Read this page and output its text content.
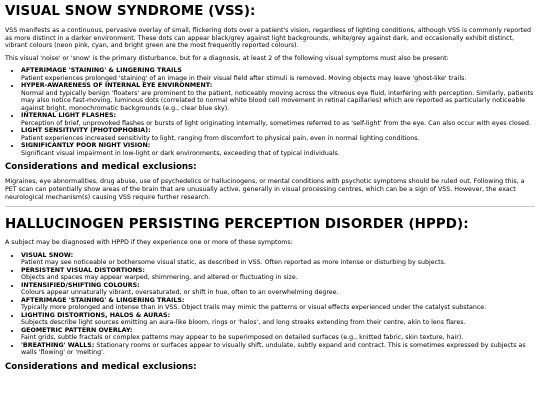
VISUAL SNOW SYNDROME (VSS):

VSS manifests as a continuous, pervasive overlay of small, flickering dots over a patient's vision, regardless of lighting conditions, although VSS is commonly reported as more distinct in a darker environment. These dots can appear black/grey against light backgrounds, white/grey against dark, and occasionally exhibit distinct, vibrant colours (neon pink, cyan, and bright green are the most frequently reported colours).

This visual 'noise' or 'snow' is the primary disturbance, but for a diagnosis, at least 2 of the following visual symptoms must also be present:

• AFTERIMAGE 'STAINING' & LINGERING TRAILS
Patient experiences prolonged 'staining' of an image in their visual field after stimuli is removed. Moving objects may leave 'ghost-like' trails.
• HYPER-AWARENESS OF INTERNAL EYE ENVIRONMENT:
Normal and typically benign 'floaters' are prominent to the patient, noticeably moving across the vitreous eye fluid, interfering with perception. Similarly, patients may also notice fast-moving, luminous dots (correlated to normal white blood cell movement in retinal capillaries) which are reported as particularly noticeable against bright, monochromatic backgrounds (e.g., clear blue sky).
• INTERNAL LIGHT FLASHES:
Perception of brief, unprovoked flashes or bursts of light originating internally, sometimes referred to as 'self-light' from the eye. Can also occur with eyes closed.
• LIGHT SENSITIVITY (PHOTOPHOBIA):
Patient experiences increased sensitivity to light, ranging from discomfort to physical pain, even in normal lighting conditions.
• SIGNIFICANTLY POOR NIGHT VISION:
Significant visual impairment in low-light or dark environments, exceeding that of typical individuals.
Considerations and medical exclusions:

Migraines, eye abnormalities, drug abuse, use of psychedelics or hallucinogens, or mental conditions with psychotic symptoms should be ruled out. Following this, a PET scan can potentially show areas of the brain that are unusually active, generally in visual processing centres, which can be a sign of VSS. However, the exact neurological mechanism(s) causing VSS require further research.

HALLUCINOGEN PERSISTING PERCEPTION DISORDER (HPPD):

A subject may be diagnosed with HPPD if they experience one or more of these symptoms:

• VISUAL SNOW:
Patient may see noticeable or bothersome visual static, as described in VSS. Often reported as more intense or disturbing by subjects.
• PERSISTENT VISUAL DISTORTIONS:
Objects and spaces may appear warped, shimmering, and altered or fluctuating in size.
• INTENSIFIED/SHIFTING COLOURS:
Colours appear unnaturally vibrant, oversaturated, or shift in hue, often to an overwhelming degree.
• AFTERIMAGE 'STAINING' & LINGERING TRAILS:
Typically more prolonged and intense than in VSS. Object trails may mimic the patterns or visual effects experienced under the catalyst substance.
• LIGHTING DISTORTIONS, HALOS & AURAS:
Subjects describe light sources emitting an aura-like bloom, rings or 'halos', and long streaks extending from their centre, akin to lens flares.
• GEOMETRIC PATTERN OVERLAY:
Faint grids, subtle fractals or complex patterns may appear to be superimposed on detailed surfaces (e.g., knitted fabric, skin texture, hair).
• 'BREATHING' WALLS: Stationary rooms or surfaces appear to visually shift, undulate, subtly expand and contract. This is sometimes expressed by subjects as walls 'flowing' or 'melting'.
Considerations and medical exclusions:
